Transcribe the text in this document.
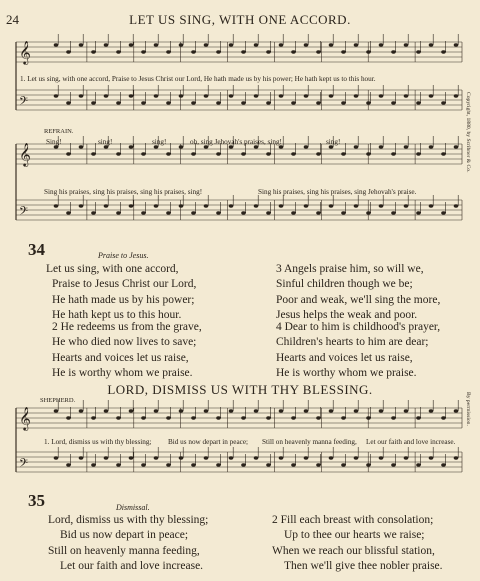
24	LET US SING, WITH ONE ACCORD.
𝄞
𝄢
𝄞
𝄢
𝄞
𝄢
1. Let us sing, with one accord, Praise to Jesus Christ our Lord, He hath made us by his power; He hath kept us to this hour.
REFRAIN.
Sing!	sing!	sing!	oh, sing Jehovah's praises, sing!	sing!
Sing his praises, sing his praises, sing his praises, sing!	Sing his praises, sing his praises, sing Jehovah's praise.
Copyright, 1880, by Scribner & Co.
34	Praise to Jesus.
Let us sing, with one accord,
Praise to Jesus Christ our Lord,
He hath made us by his power;
He hath kept us to this hour.
2 He redeems us from the grave,
He who died now lives to save;
Hearts and voices let us raise,
He is worthy whom we praise.
3 Angels praise him, so will we,
Sinful children though we be;
Poor and weak, we'll sing the more,
Jesus helps the weak and poor.
4 Dear to him is childhood's prayer,
Children's hearts to him are dear;
Hearts and voices let us raise,
He is worthy whom we praise.
LORD, DISMISS US WITH THY BLESSING.
SHEPHERD.
1. Lord, dismiss us with thy blessing; Bid us now depart in peace; Still on heavenly manna feeding, Let our faith and love increase.
By permission.
35	Dismissal.
Lord, dismiss us with thy blessing;
Bid us now depart in peace;
Still on heavenly manna feeding,
Let our faith and love increase.
2 Fill each breast with consolation;
Up to thee our hearts we raise;
When we reach our blissful station,
Then we'll give thee nobler praise.
